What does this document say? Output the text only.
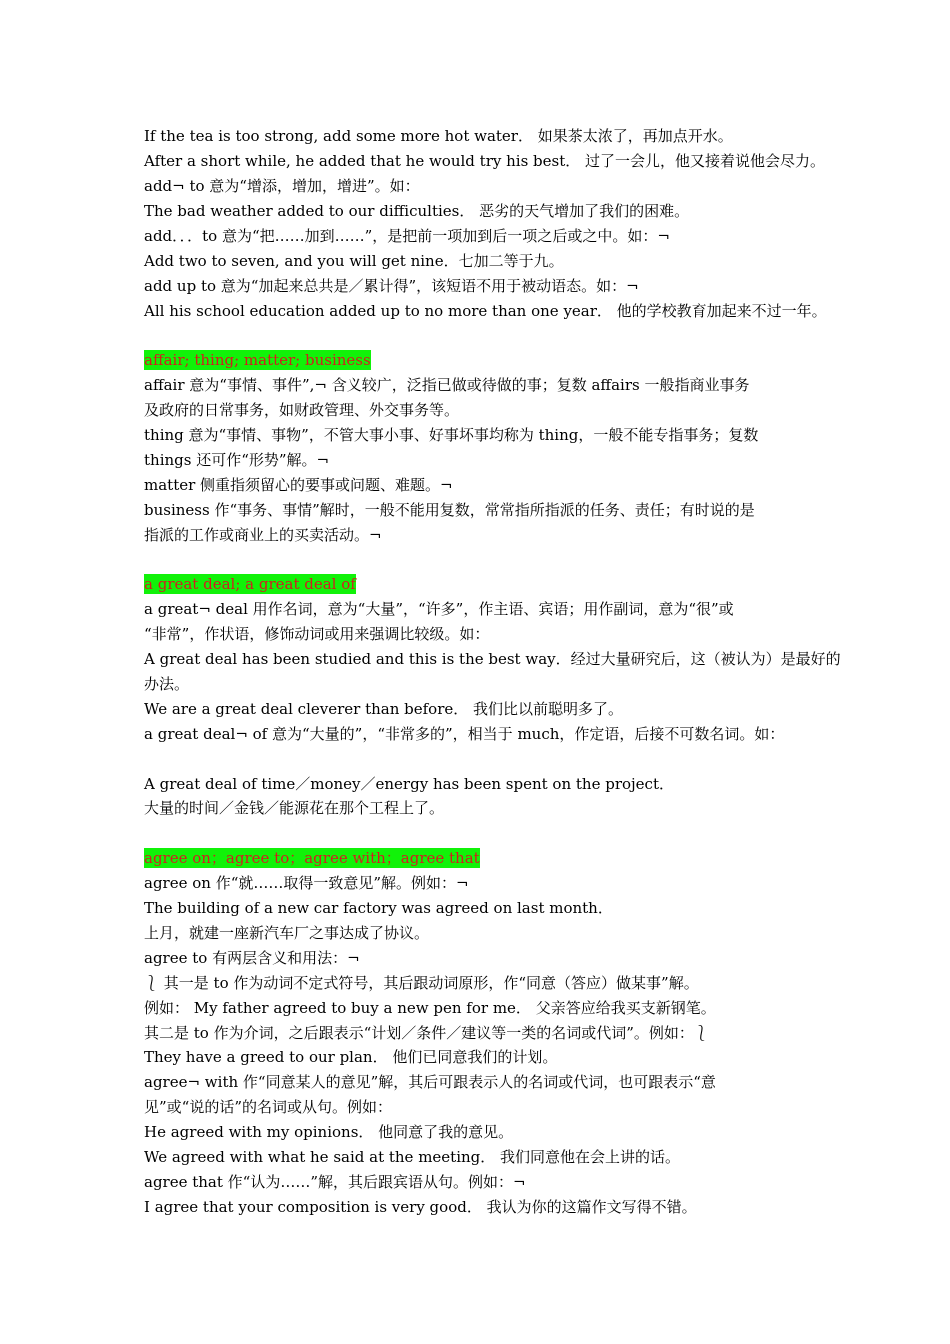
If the tea is too strong, add some more hot water． 如果茶太浓了，再加点开水。
After a short while, he added that he would try his best． 过了一会儿，他又接着说他会尽力。
add¬ to 意为“增添，增加，增进”。如：
The bad weather added to our difficulties． 恶劣的天气增加了我们的困难。
add．．．to 意为“把……加到……”，是把前一项加到后一项之后或之中。如：¬
Add two to seven, and you will get nine．七加二等于九。
add up to 意为“加起来总共是／累计得”，该短语不用于被动语态。如：¬
All his school education added up to no more than one year． 他的学校教育加起来不过一年。
affair; thing; matter; business
affair 意为“事情、事件”,¬ 含义较广，泛指已做或待做的事；复数 affairs 一般指商业事务
及政府的日常事务，如财政管理、外交事务等。
thing 意为“事情、事物”，不管大事小事、好事坏事均称为 thing，一般不能专指事务；复数
things 还可作“形势”解。¬
matter 侧重指须留心的要事或问题、难题。¬
business 作“事务、事情”解时，一般不能用复数，常常指所指派的任务、责任；有时说的是
指派的工作或商业上的买卖活动。¬
a great deal; a great deal of
a great¬ deal 用作名词，意为“大量”，“许多”，作主语、宾语；用作副词，意为“很”或
“非常”，作状语，修饰动词或用来强调比较级。如：
A great deal has been studied and this is the best way．经过大量研究后，这（被认为）是最好的
办法。
We are a great deal cleverer than before． 我们比以前聪明多了。
a great deal¬ of 意为“大量的”，“非常多的”，相当于 much，作定语，后接不可数名词。如：
A great deal of time／money／energy has been spent on the project．
大量的时间／金钱／能源花在那个工程上了。
agree on；agree to；agree with；agree that
agree on 作“就……取得一致意见”解。例如：¬
The building of a new car factory was agreed on last month．
上月，就建一座新汽车厂之事达成了协议。
agree to 有两层含义和用法：¬
⎱ 其一是 to 作为动词不定式符号，其后跟动词原形，作“同意（答应）做某事”解。
例如： My father agreed to buy a new pen for me． 父亲答应给我买支新钢笔。
其二是 to 作为介词，之后跟表示“计划／条件／建议等一类的名词或代词”。例如：⎱
They have a greed to our plan． 他们已同意我们的计划。
agree¬ with 作“同意某人的意见”解，其后可跟表示人的名词或代词，也可跟表示“意
见”或“说的话”的名词或从句。例如：
He agreed with my opinions． 他同意了我的意见。
We agreed with what he said at the meeting． 我们同意他在会上讲的话。
agree that 作“认为……”解，其后跟宾语从句。例如：¬
I agree that your composition is very good． 我认为你的这篇作文写得不错。
